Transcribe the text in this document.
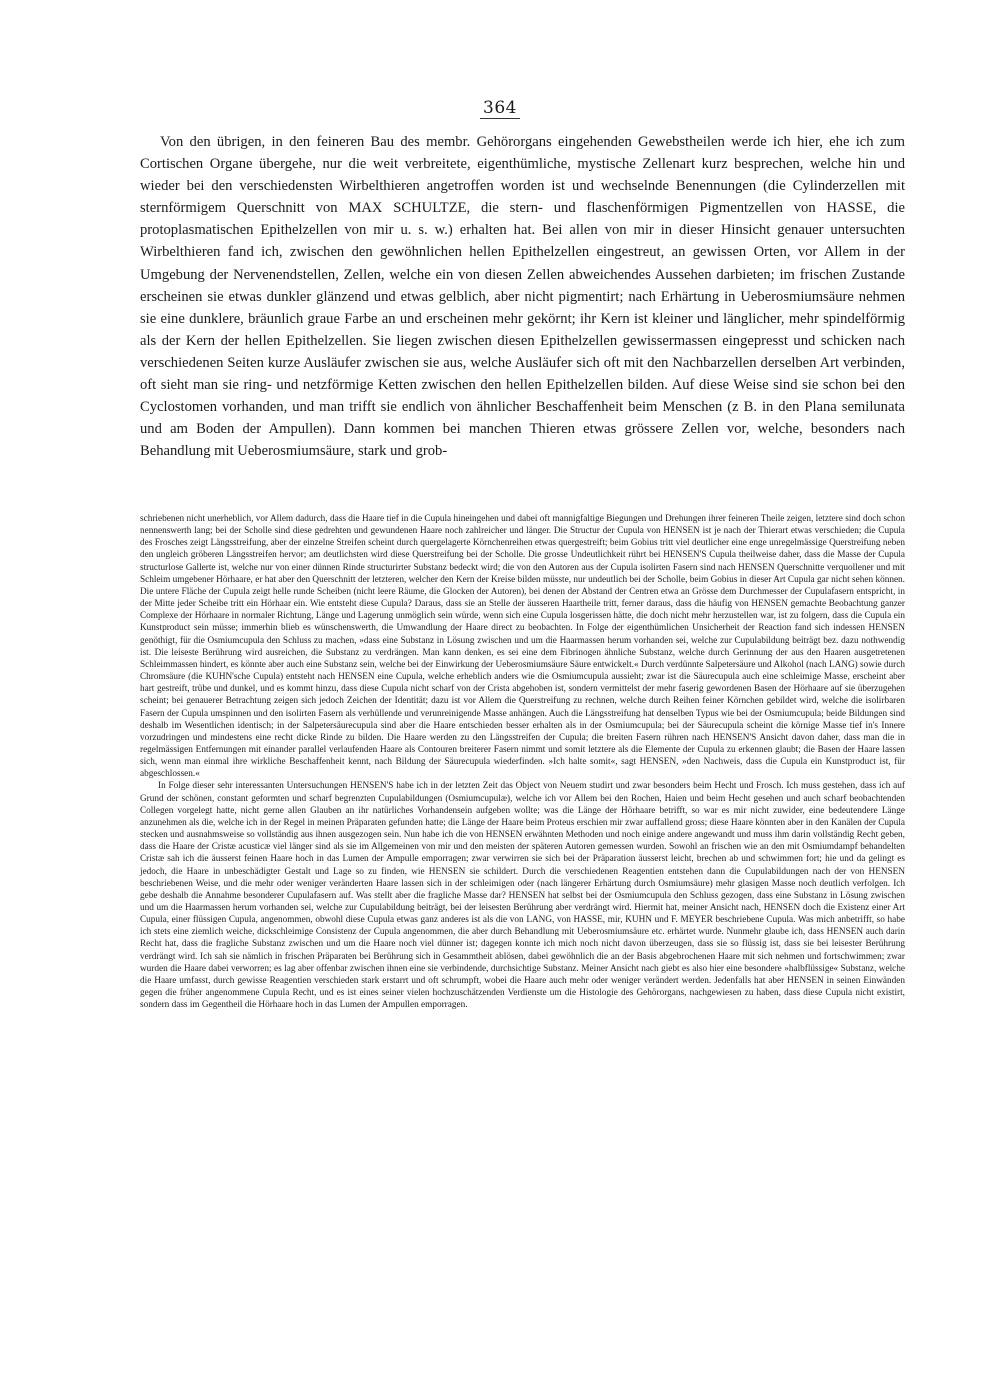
364

Von den übrigen, in den feineren Bau des membr. Gehörorgans eingehenden Gewebstheilen werde ich hier, ehe ich zum Cortischen Organe übergehe, nur die weit verbreitete, eigenthümliche, mystische Zellenart kurz besprechen, welche hin und wieder bei den verschiedensten Wirbelthieren angetroffen worden ist und wechselnde Benennungen (die Cylinderzellen mit sternförmigem Querschnitt von MAX SCHULTZE, die stern- und flaschenförmigen Pigmentzellen von HASSE, die protoplasmatischen Epithelzellen von mir u. s. w.) erhalten hat. Bei allen von mir in dieser Hinsicht genauer untersuchten Wirbelthieren fand ich, zwischen den gewöhnlichen hellen Epithelzellen eingestreut, an gewissen Orten, vor Allem in der Umgebung der Nervenendstellen, Zellen, welche ein von diesen Zellen abweichendes Aussehen darbieten; im frischen Zustande erscheinen sie etwas dunkler glänzend und etwas gelblich, aber nicht pigmentirt; nach Erhärtung in Ueberosmiumsäure nehmen sie eine dunklere, bräunlich graue Farbe an und erscheinen mehr gekörnt; ihr Kern ist kleiner und länglicher, mehr spindelförmig als der Kern der hellen Epithelzellen. Sie liegen zwischen diesen Epithelzellen gewissermassen eingepresst und schicken nach verschiedenen Seiten kurze Ausläufer zwischen sie aus, welche Ausläufer sich oft mit den Nachbarzellen derselben Art verbinden, oft sieht man sie ring- und netzförmige Ketten zwischen den hellen Epithelzellen bilden. Auf diese Weise sind sie schon bei den Cyclostomen vorhanden, und man trifft sie endlich von ähnlicher Beschaffenheit beim Menschen (z B. in den Plana semilunata und am Boden der Ampullen). Dann kommen bei manchen Thieren etwas grössere Zellen vor, welche, besonders nach Behandlung mit Ueberosmiumsäure, stark und grob-

schriebenen nicht unerheblich, vor Allem dadurch, dass die Haare tief in die Cupula hineingehen und dabei oft mannigfaltige Biegungen und Drehungen ihrer feineren Theile zeigen, letztere sind doch schon nennenswerth lang; bei der Scholle sind diese gedrehten und gewundenen Haare noch zahlreicher und länger. Die Structur der Cupula von HENSEN ist je nach der Thierart etwas verschieden; die Cupula des Frosches zeigt Längsstreifung, aber der einzelne Streifen scheint durch quergelagerte Körnchenreihen etwas quergestreift; beim Gobius tritt viel deutlicher eine enge unregelmässige Querstreifung neben den ungleich gröberen Längsstreifen hervor; am deutlichsten wird diese Querstreifung bei der Scholle. Die grosse Undeutlichkeit rührt bei HENSEN'S Cupula theilweise daher, dass die Masse der Cupula structurlose Gallerte ist, welche nur von einer dünnen Rinde structurirter Substanz bedeckt wird; die von den Autoren aus der Cupula isolirten Fasern sind nach HENSEN Querschnitte verquollener und mit Schleim umgebener Hörhaare, er hat aber den Querschnitt der letzteren, welcher den Kern der Kreise bilden müsste, nur undeutlich bei der Scholle, beim Gobius in dieser Art Cupula gar nicht sehen können. Die untere Fläche der Cupula zeigt helle runde Scheiben (nicht leere Räume, die Glocken der Autoren), bei denen der Abstand der Centren etwa an Grösse dem Durchmesser der Cupulafasern entspricht, in der Mitte jeder Scheibe tritt ein Hörhaar ein. Wie entsteht diese Cupula? Daraus, dass sie an Stelle der äusseren Haartheile tritt, ferner daraus, dass die häufig von HENSEN gemachte Beobachtung ganzer Complexe der Hörhaare in normaler Richtung, Länge und Lagerung unmöglich sein würde, wenn sich eine Cupula losgerissen hätte, die doch nicht mehr herzustellen war, ist zu folgern, dass die Cupula ein Kunstproduct sein müsse; immerhin blieb es wünschenswerth, die Umwandlung der Haare direct zu beobachten. In Folge der eigenthümlichen Unsicherheit der Reaction fand sich indessen HENSEN genöthigt, für die Osmiumcupula den Schluss zu machen, »dass eine Substanz in Lösung zwischen und um die Haarmassen herum vorhanden sei, welche zur Cupulabildung beiträgt bez. dazu nothwendig ist. Die leiseste Berührung wird ausreichen, die Substanz zu verdrängen. Man kann denken, es sei eine dem Fibrinogen ähnliche Substanz, welche durch Gerinnung der aus den Haaren ausgetretenen Schleimmassen hindert, es könnte aber auch eine Substanz sein, welche bei der Einwirkung der Ueberosmiumsäure Säure entwickelt.« Durch verdünnte Salpetersäure und Alkohol (nach LANG) sowie durch Chromsäure (die KUHN'sche Cupula) entsteht nach HENSEN eine Cupula, welche erheblich anders wie die Osmiumcupula aussieht; zwar ist die Säurecupula auch eine schleimige Masse, erscheint aber hart gestreift, trübe und dunkel, und es kommt hinzu, dass diese Cupula nicht scharf von der Crista abgehoben ist, sondern vermittelst der mehr faserig gewordenen Basen der Hörhaare auf sie überzugehen scheint; bei genauerer Betrachtung zeigen sich jedoch Zeichen der Identität; dazu ist vor Allem die Querstreifung zu rechnen, welche durch Reihen feiner Körnchen gebildet wird, welche die isolirbaren Fasern der Cupula umspinnen und den isolirten Fasern als verhüllende und verunreinigende Masse anhängen. Auch die Längsstreifung hat denselben Typus wie bei der Osmiumcupula; beide Bildungen sind deshalb im Wesentlichen identisch; in der Salpetersäurecupula sind aber die Haare entschieden besser erhalten als in der Osmiumcupula; bei der Säurecupula scheint die körnige Masse tief in's Innere vorzudringen und mindestens eine recht dicke Rinde zu bilden. Die Haare werden zu den Längsstreifen der Cupula; die breiten Fasern rühren nach HENSEN'S Ansicht davon daher, dass man die in regelmässigen Entfernungen mit einander parallel verlaufenden Haare als Contouren breiterer Fasern nimmt und somit letztere als die Elemente der Cupula zu erkennen glaubt; die Basen der Haare lassen sich, wenn man einmal ihre wirkliche Beschaffenheit kennt, nach Bildung der Säurecupula wiederfinden. »Ich halte somit«, sagt HENSEN, »den Nachweis, dass die Cupula ein Kunstproduct ist, für abgeschlossen.«

In Folge dieser sehr interessanten Untersuchungen HENSEN'S habe ich in der letzten Zeit das Object von Neuem studirt und zwar besonders beim Hecht und Frosch. Ich muss gestehen, dass ich auf Grund der schönen, constant geformten und scharf begrenzten Cupulabildungen (Osmiumcupulæ), welche ich vor Allem bei den Rochen, Haien und beim Hecht gesehen und auch scharf beobachtenden Collegen vorgelegt hatte, nicht gerne allen Glauben an ihr natürliches Vorhandensein aufgeben wollte; was die Länge der Hörhaare betrifft, so war es mir nicht zuwider, eine bedeutendere Länge anzunehmen als die, welche ich in der Regel in meinen Präparaten gefunden hatte; die Länge der Haare beim Proteus erschien mir zwar auffallend gross; diese Haare könnten aber in den Kanälen der Cupula stecken und ausnahmsweise so vollständig aus ihnen ausgezogen sein. Nun habe ich die von HENSEN erwähnten Methoden und noch einige andere angewandt und muss ihm darin vollständig Recht geben, dass die Haare der Cristæ acusticæ viel länger sind als sie im Allgemeinen von mir und den meisten der späteren Autoren gemessen wurden. Sowohl an frischen wie an den mit Osmiumdampf behandelten Cristæ sah ich die äusserst feinen Haare hoch in das Lumen der Ampulle emporragen; zwar verwirren sie sich bei der Präparation äusserst leicht, brechen ab und schwimmen fort; hie und da gelingt es jedoch, die Haare in unbeschädigter Gestalt und Lage so zu finden, wie HENSEN sie schildert. Durch die verschiedenen Reagentien entstehen dann die Cupulabildungen nach der von HENSEN beschriebenen Weise, und die mehr oder weniger veränderten Haare lassen sich in der schleimigen oder (nach längerer Erhärtung durch Osmiumsäure) mehr glasigen Masse noch deutlich verfolgen. Ich gebe deshalb die Annahme besonderer Cupulafasern auf. Was stellt aber die fragliche Masse dar? HENSEN hat selbst bei der Osmiumcupula den Schluss gezogen, dass eine Substanz in Lösung zwischen und um die Haarmassen herum vorhanden sei, welche zur Cupulabildung beiträgt, bei der leisesten Berührung aber verdrängt wird. Hiermit hat, meiner Ansicht nach, HENSEN doch die Existenz einer Art Cupula, einer flüssigen Cupula, angenommen, obwohl diese Cupula etwas ganz anderes ist als die von LANG, von HASSE, mir, KUHN und F. MEYER beschriebene Cupula. Was mich anbetrifft, so habe ich stets eine ziemlich weiche, dickschleimige Consistenz der Cupula angenommen, die aber durch Behandlung mit Ueberosmiumsäure etc. erhärtet wurde. Nunmehr glaube ich, dass HENSEN auch darin Recht hat, dass die fragliche Substanz zwischen und um die Haare noch viel dünner ist; dagegen konnte ich mich noch nicht davon überzeugen, dass sie so flüssig ist, dass sie bei leisester Berührung verdrängt wird. Ich sah sie nämlich in frischen Präparaten bei Berührung sich in Gesammtheit ablösen, dabei gewöhnlich die an der Basis abgebrochenen Haare mit sich nehmen und fortschwimmen; zwar wurden die Haare dabei verworren; es lag aber offenbar zwischen ihnen eine sie verbindende, durchsichtige Substanz. Meiner Ansicht nach giebt es also hier eine besondere »halbflüssige« Substanz, welche die Haare umfasst, durch gewisse Reagentien verschieden stark erstarrt und oft schrumpft, wobei die Haare auch mehr oder weniger verändert werden. Jedenfalls hat aber HENSEN in seinen Einwänden gegen die früher angenommene Cupula Recht, und es ist eines seiner vielen hochzuschätzenden Verdienste um die Histologie des Gehörorgans, nachgewiesen zu haben, dass diese Cupula nicht existirt, sondern dass im Gegentheil die Hörhaare hoch in das Lumen der Ampullen emporragen.
